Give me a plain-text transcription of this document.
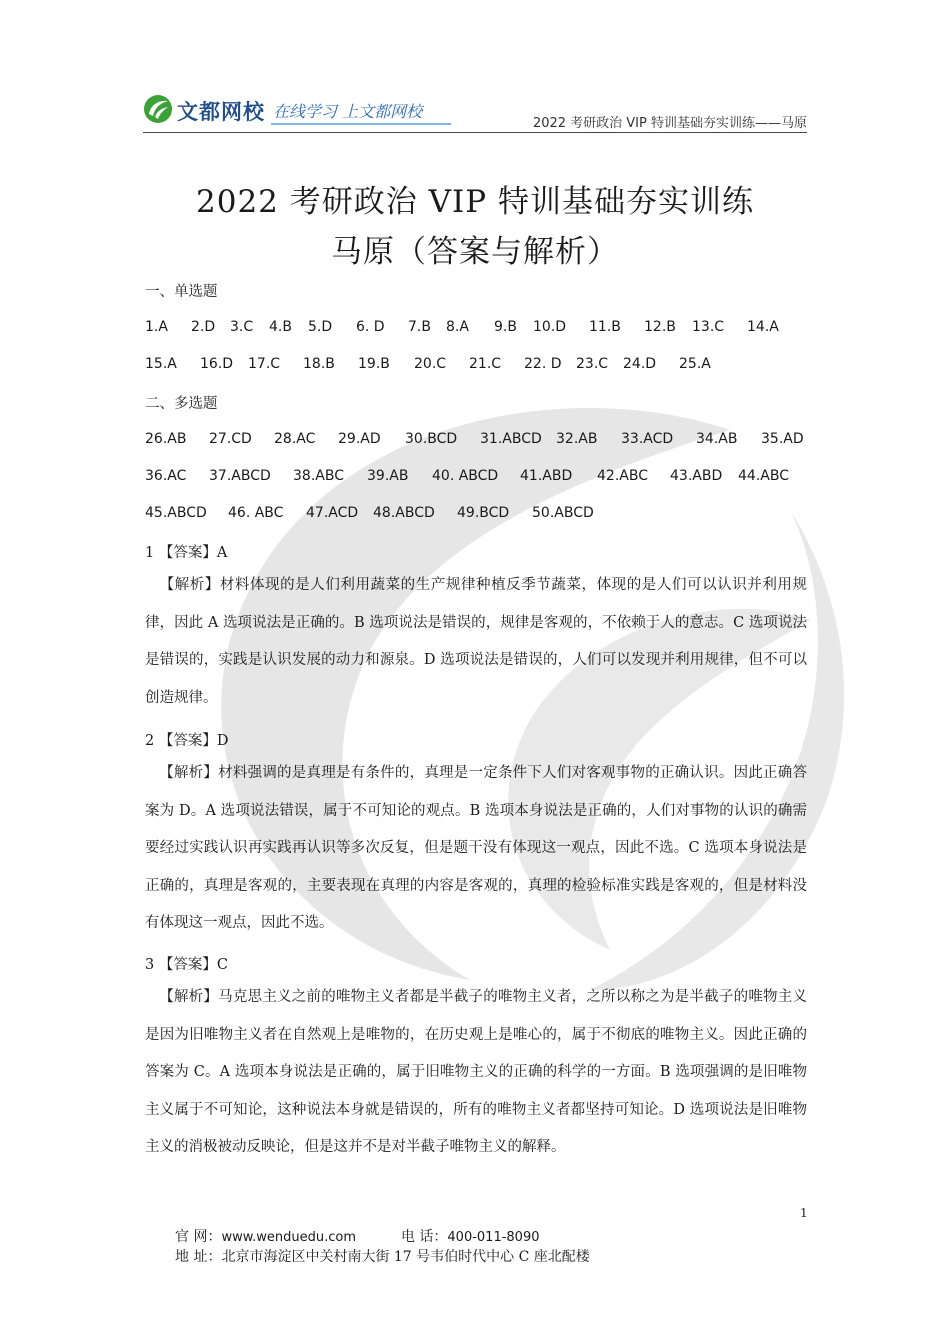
文都网校 在线学习 上文都网校
2022 考研政治 VIP 特训基础夯实训练——马原
2022 考研政治 VIP 特训基础夯实训练
马原（答案与解析）
一、单选题
1.A 2.D 3.C 4.B 5.D 6. D 7.B 8.A 9.B 10.D 11.B 12.B 13.C 14.A
15.A 16.D 17.C 18.B 19.B 20.C 21.C 22. D 23.C 24.D 25.A
二、多选题
26.AB 27.CD 28.AC 29.AD 30.BCD 31.ABCD 32.AB 33.ACD 34.AB 35.AD
36.AC 37.ABCD 38.ABC 39.AB 40. ABCD 41.ABD 42.ABC 43.ABD 44.ABC
45.ABCD 46. ABC 47.ACD 48.ABCD 49.BCD 50.ABCD
1 【答案】A

【解析】材料体现的是人们利用蔬菜的生产规律种植反季节蔬菜，体现的是人们可以认识并利用规律，因此 A 选项说法是正确的。B 选项说法是错误的，规律是客观的，不依赖于人的意志。C 选项说法是错误的，实践是认识发展的动力和源泉。D 选项说法是错误的，人们可以发现并利用规律，但不可以创造规律。

2 【答案】D

【解析】材料强调的是真理是有条件的，真理是一定条件下人们对客观事物的正确认识。因此正确答案为 D。A 选项说法错误，属于不可知论的观点。B 选项本身说法是正确的，人们对事物的认识的确需要经过实践认识再实践再认识等多次反复，但是题干没有体现这一观点，因此不选。C 选项本身说法是正确的，真理是客观的，主要表现在真理的内容是客观的，真理的检验标准实践是客观的，但是材料没有体现这一观点，因此不选。

3 【答案】C

【解析】马克思主义之前的唯物主义者都是半截子的唯物主义者，之所以称之为是半截子的唯物主义是因为旧唯物主义者在自然观上是唯物的，在历史观上是唯心的，属于不彻底的唯物主义。因此正确的答案为 C。A 选项本身说法是正确的，属于旧唯物主义的正确的科学的一方面。B 选项强调的是旧唯物主义属于不可知论，这种说法本身就是错误的，所有的唯物主义者都坚持可知论。D 选项说法是旧唯物主义的消极被动反映论，但是这并不是对半截子唯物主义的解释。

1
官 网：www.wenduedu.com	电 话：400-011-8090
地 址：北京市海淀区中关村南大街 17 号韦伯时代中心 C 座北配楼
